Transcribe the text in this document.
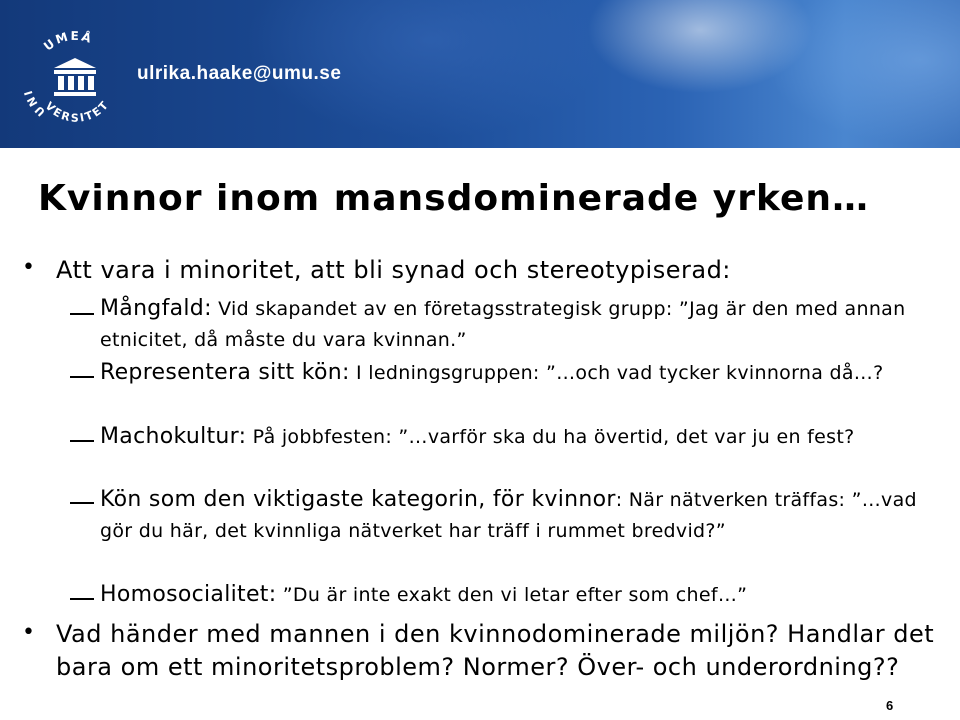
UMEÅ
UNI
VERSITET
ulrika.haake@umu.se
Kvinnor inom mansdominerade yrken…
• Att vara i minoritet, att bli synad och stereotypiserad:
Mångfald: Vid skapandet av en företagsstrategisk grupp: ”Jag är den med annan etnicitet, då måste du vara kvinnan.”
Representera sitt kön: I ledningsgruppen: ”…och vad tycker kvinnorna då…?
Machokultur: På jobbfesten: ”…varför ska du ha övertid, det var ju en fest?
Kön som den viktigaste kategorin, för kvinnor: När nätverken träffas: ”…vad gör du här, det kvinnliga nätverket har träff i rummet bredvid?”
Homosocialitet: ”Du är inte exakt den vi letar efter som chef…”
• Vad händer med mannen i den kvinnodominerade miljön? Handlar det bara om ett minoritetsproblem? Normer? Över- och underordning??
6
